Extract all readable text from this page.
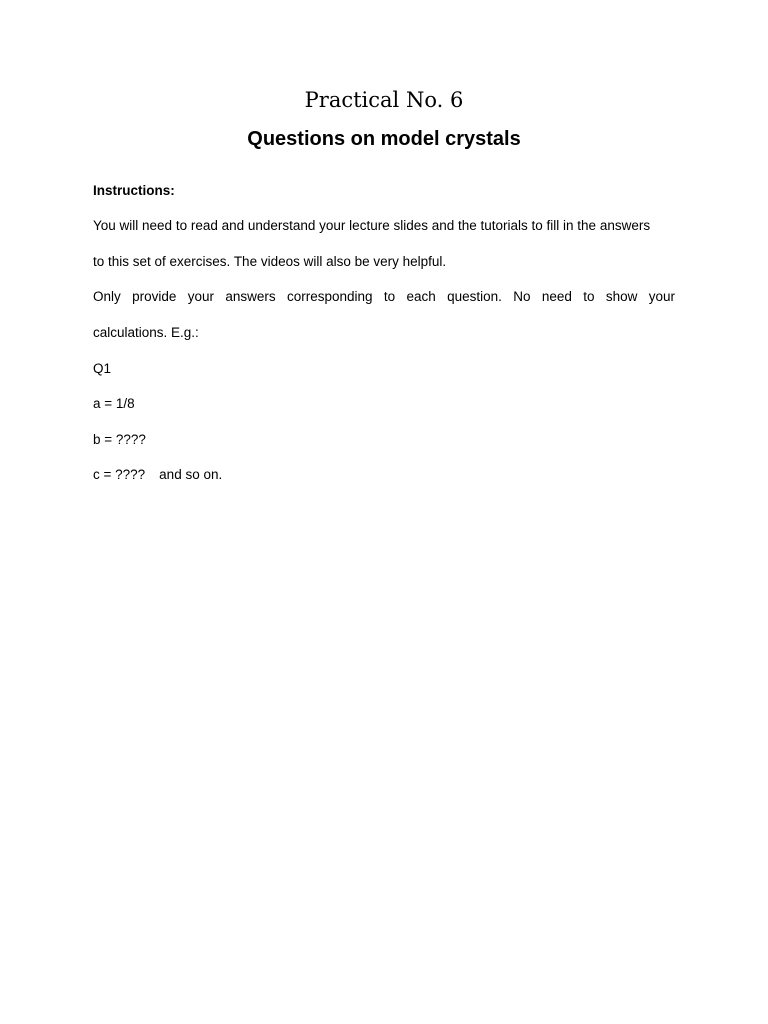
Practical No. 6
Questions on model crystals
Instructions:
You will need to read and understand your lecture slides and the tutorials to fill in the answers
to this set of exercises. The videos will also be very helpful.
Only provide your answers corresponding to each question. No need to show your
calculations. E.g.:
Q1
a = 1/8
b = ????
c = ???? and so on.
